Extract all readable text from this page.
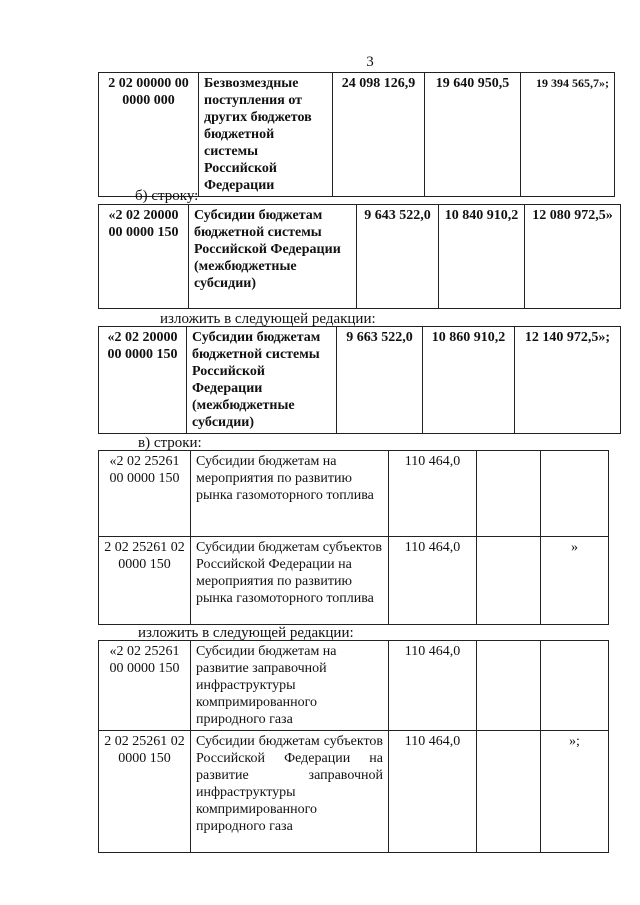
3
2 02 00000 00 0000 000	Безвозмездные поступления от других бюджетов бюджетной системы Российской Федерации	24 098 126,9	19 640 950,5	19 394 565,7»;
б) строку:
«2 02 20000 00 0000 150	Субсидии бюджетам бюджетной системы Российской Федерации (межбюджетные субсидии)	9 643 522,0	10 840 910,2	12 080 972,5»
изложить в следующей редакции:
«2 02 20000 00 0000 150	Субсидии бюджетам бюджетной системы Российской Федерации (межбюджетные субсидии)	9 663 522,0	10 860 910,2	12 140 972,5»;
в) строки:
«2 02 25261 00 0000 150	Субсидии бюджетам на мероприятия по развитию рынка газомоторного топлива	110 464,0		
2 02 25261 02 0000 150	Субсидии бюджетам субъектов Российской Федерации на мероприятия по развитию рынка газомоторного топлива	110 464,0		»
изложить в следующей редакции:
«2 02 25261 00 0000 150	Субсидии бюджетам на развитие заправочной инфраструктуры компримированного природного газа	110 464,0		
2 02 25261 02 0000 150	Субсидии бюджетам субъектов Российской Федерации на развитие заправочной инфраструктуры компримированного природного газа	110 464,0		»;
